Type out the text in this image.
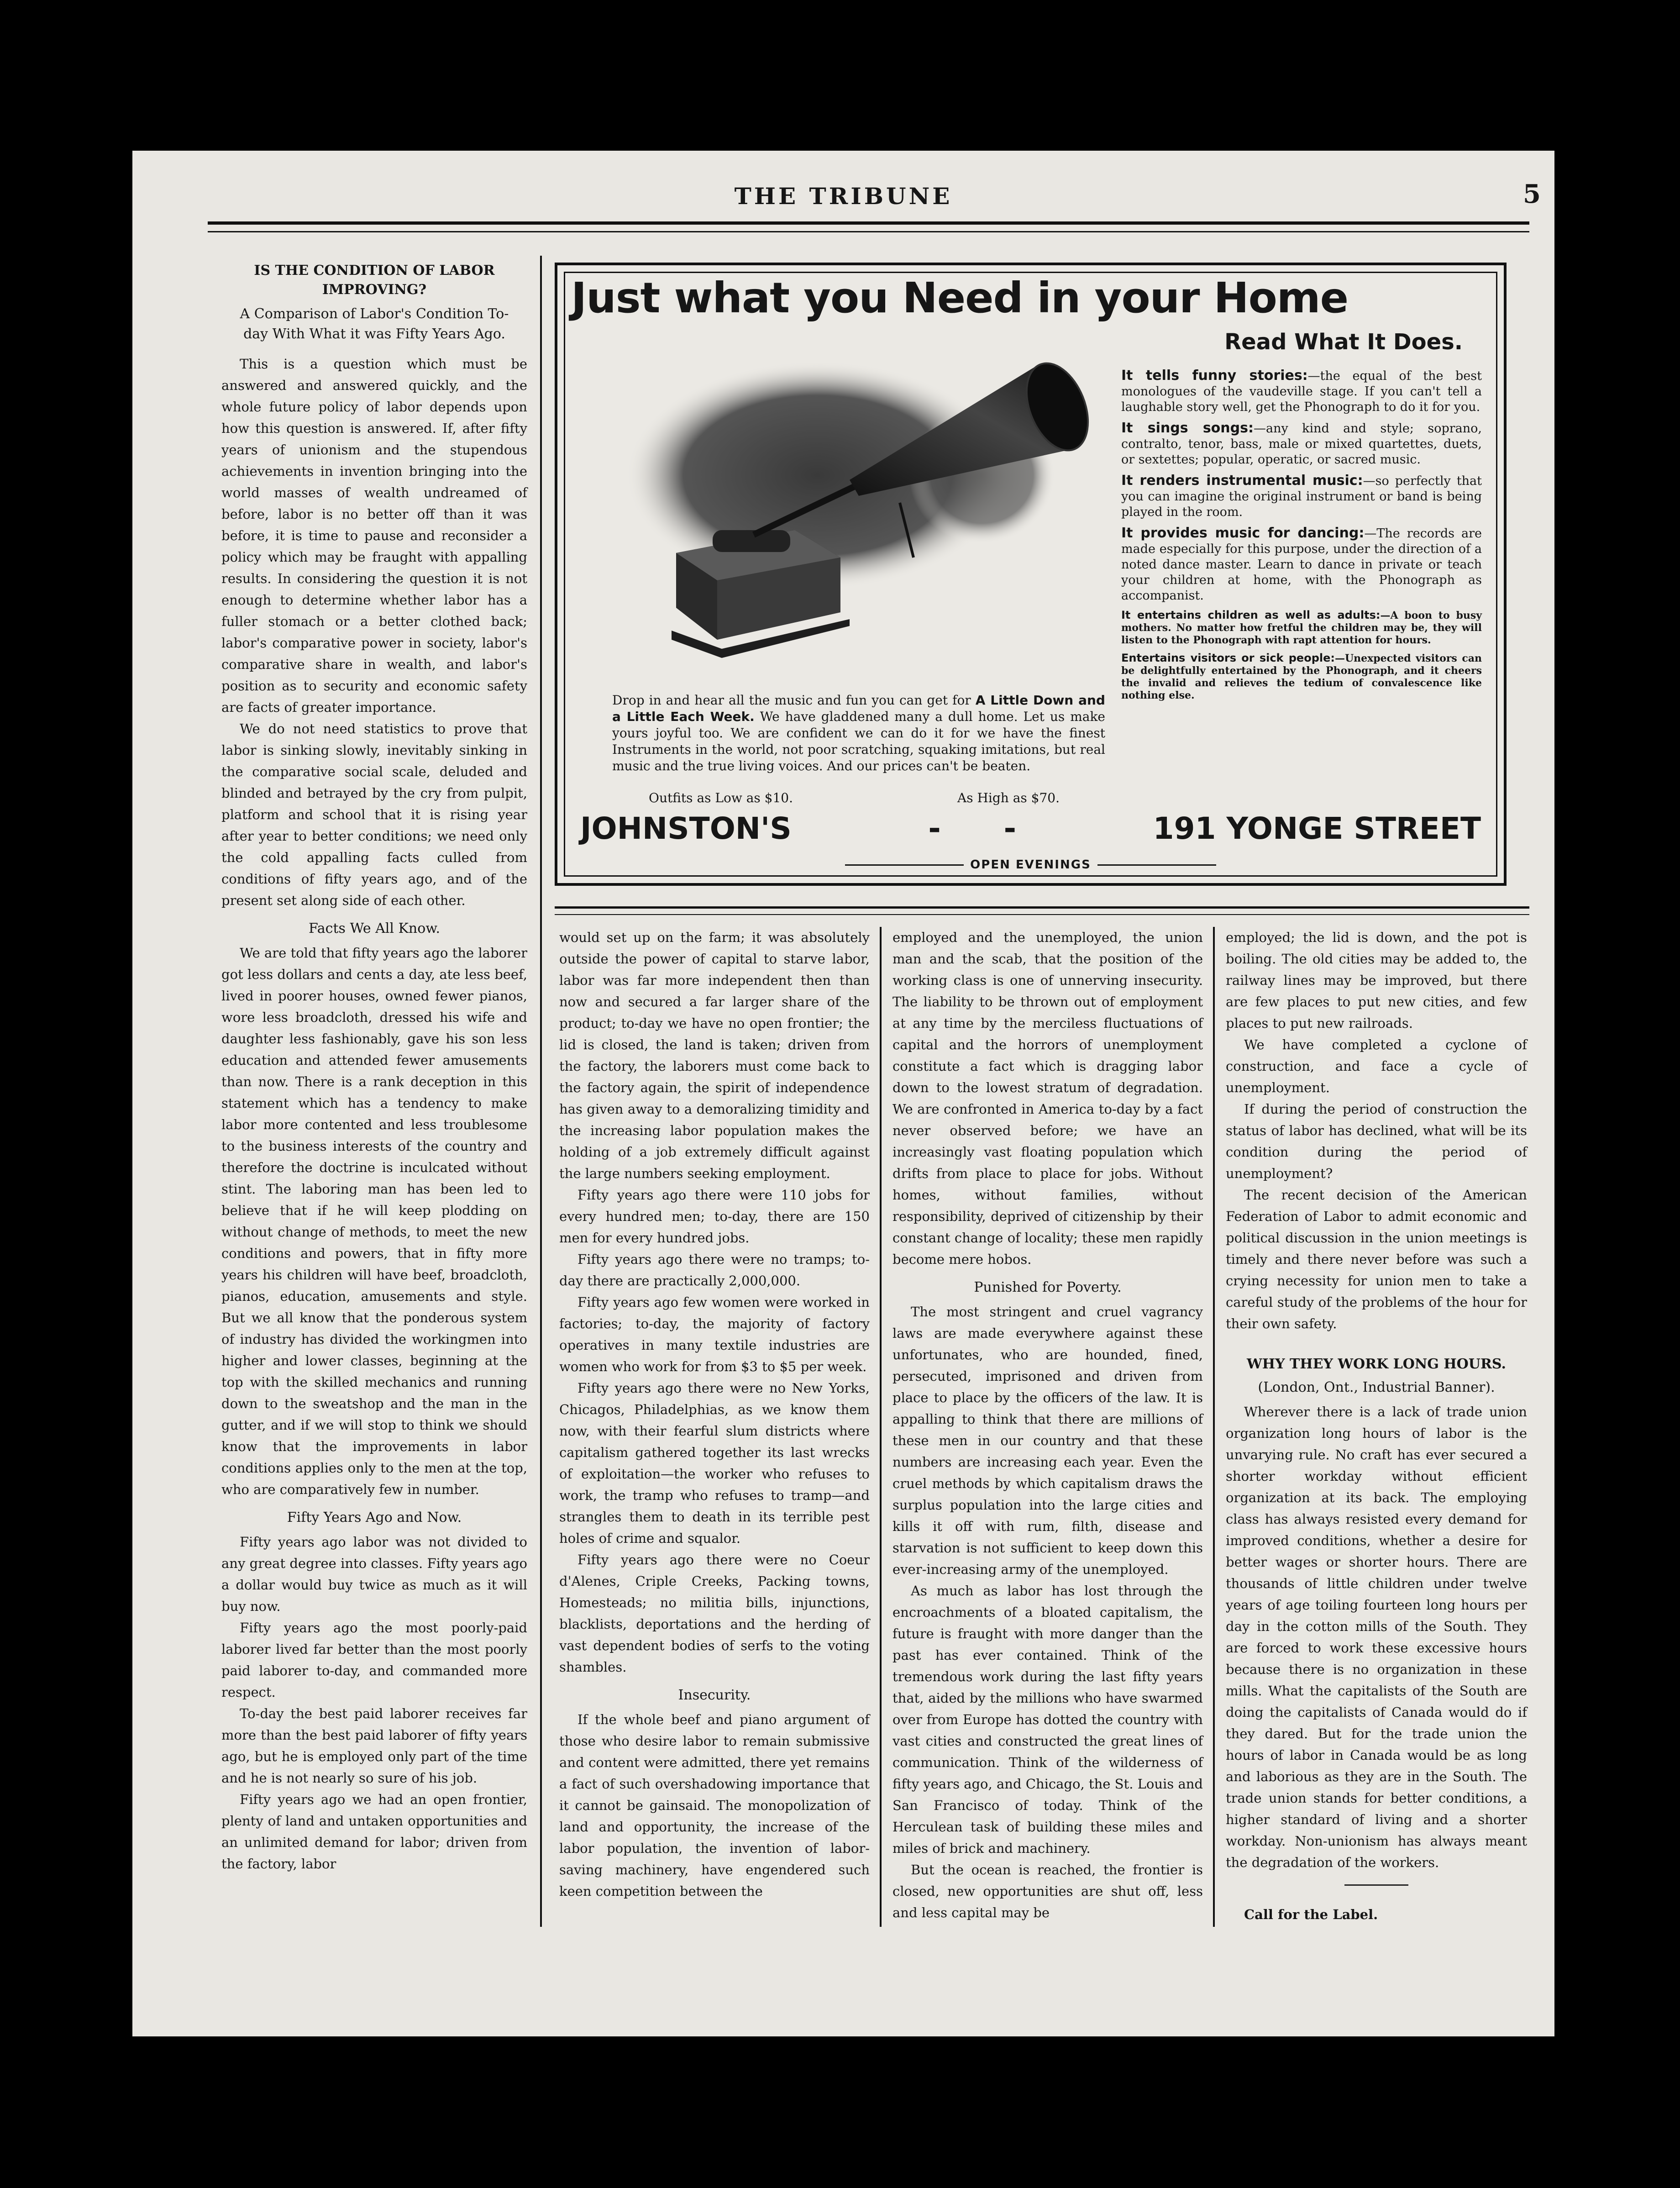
THE TRIBUNE	5
IS THE CONDITION OF LABOR IMPROVING?
A Comparison of Labor's Condition To-day With What it was Fifty Years Ago.

This is a question which must be answered and answered quickly, and the whole future policy of labor depends upon how this question is answered. If, after fifty years of unionism and the stupendous achievements in invention bringing into the world masses of wealth undreamed of before, labor is no better off than it was before, it is time to pause and reconsider a policy which may be fraught with appalling results. In considering the question it is not enough to determine whether labor has a fuller stomach or a better clothed back; labor's comparative power in society, labor's comparative share in wealth, and labor's position as to security and economic safety are facts of greater importance.

We do not need statistics to prove that labor is sinking slowly, inevitably sinking in the comparative social scale, deluded and blinded and betrayed by the cry from pulpit, platform and school that it is rising year after year to better conditions; we need only the cold appalling facts culled from conditions of fifty years ago, and of the present set along side of each other.

Facts We All Know.

We are told that fifty years ago the laborer got less dollars and cents a day, ate less beef, lived in poorer houses, owned fewer pianos, wore less broadcloth, dressed his wife and daughter less fashionably, gave his son less education and attended fewer amusements than now. There is a rank deception in this statement which has a tendency to make labor more contented and less troublesome to the business interests of the country and therefore the doctrine is inculcated without stint. The laboring man has been led to believe that if he will keep plodding on without change of methods, to meet the new conditions and powers, that in fifty more years his children will have beef, broadcloth, pianos, education, amusements and style. But we all know that the ponderous system of industry has divided the workingmen into higher and lower classes, beginning at the top with the skilled mechanics and running down to the sweatshop and the man in the gutter, and if we will stop to think we should know that the improvements in labor conditions applies only to the men at the top, who are comparatively few in number.

Fifty Years Ago and Now.

Fifty years ago labor was not divided to any great degree into classes. Fifty years ago a dollar would buy twice as much as it will buy now.

Fifty years ago the most poorly-paid laborer lived far better than the most poorly paid laborer to-day, and commanded more respect.

To-day the best paid laborer receives far more than the best paid laborer of fifty years ago, but he is employed only part of the time and he is not nearly so sure of his job.

Fifty years ago we had an open frontier, plenty of land and untaken opportunities and an unlimited demand for labor; driven from the factory, labor

Just what you Need in your Home
Read What It Does.
It tells funny stories:—the equal of the best monologues of the vaudeville stage. If you can't tell a laughable story well, get the Phonograph to do it for you.
It sings songs:—any kind and style; soprano, contralto, tenor, bass, male or mixed quartettes, duets, or sextettes; popular, operatic, or sacred music.
It renders instrumental music:—so perfectly that you can imagine the original instrument or band is being played in the room.
It provides music for dancing:—The records are made especially for this purpose, under the direction of a noted dance master. Learn to dance in private or teach your children at home, with the Phonograph as accompanist.
It entertains children as well as adults:—A boon to busy mothers. No matter how fretful the children may be, they will listen to the Phonograph with rapt attention for hours.
Entertains visitors or sick people:—Unexpected visitors can be delightfully entertained by the Phonograph, and it cheers the invalid and relieves the tedium of convalescence like nothing else.
Drop in and hear all the music and fun you can get for A Little Down and a Little Each Week. We have gladdened many a dull home. Let us make yours joyful too. We are confident we can do it for we have the finest Instruments in the world, not poor scratching, squaking imitations, but real music and the true living voices. And our prices can't be beaten.
Outfits as Low as $10.	As High as $70.
JOHNSTON'S	-      -	191 YONGE STREET
OPEN EVENINGS

would set up on the farm; it was absolutely outside the power of capital to starve labor, labor was far more independent then than now and secured a far larger share of the product; to-day we have no open frontier; the lid is closed, the land is taken; driven from the factory, the laborers must come back to the factory again, the spirit of independence has given away to a demoralizing timidity and the increasing labor population makes the holding of a job extremely difficult against the large numbers seeking employment.

Fifty years ago there were 110 jobs for every hundred men; to-day, there are 150 men for every hundred jobs.

Fifty years ago there were no tramps; to-day there are practically 2,000,000.

Fifty years ago few women were worked in factories; to-day, the majority of factory operatives in many textile industries are women who work for from $3 to $5 per week.

Fifty years ago there were no New Yorks, Chicagos, Philadelphias, as we know them now, with their fearful slum districts where capitalism gathered together its last wrecks of exploitation—the worker who refuses to work, the tramp who refuses to tramp—and strangles them to death in its terrible pest holes of crime and squalor.

Fifty years ago there were no Coeur d'Alenes, Criple Creeks, Packing towns, Homesteads; no militia bills, injunctions, blacklists, deportations and the herding of vast dependent bodies of serfs to the voting shambles.

Insecurity.

If the whole beef and piano argument of those who desire labor to remain submissive and content were admitted, there yet remains a fact of such overshadowing importance that it cannot be gainsaid. The monopolization of land and opportunity, the increase of the labor population, the invention of labor-saving machinery, have engendered such keen competition between the

employed and the unemployed, the union man and the scab, that the position of the working class is one of unnerving insecurity. The liability to be thrown out of employment at any time by the merciless fluctuations of capital and the horrors of unemployment constitute a fact which is dragging labor down to the lowest stratum of degradation. We are confronted in America to-day by a fact never observed before; we have an increasingly vast floating population which drifts from place to place for jobs. Without homes, without families, without responsibility, deprived of citizenship by their constant change of locality; these men rapidly become mere hobos.

Punished for Poverty.

The most stringent and cruel vagrancy laws are made everywhere against these unfortunates, who are hounded, fined, persecuted, imprisoned and driven from place to place by the officers of the law. It is appalling to think that there are millions of these men in our country and that these numbers are increasing each year. Even the cruel methods by which capitalism draws the surplus population into the large cities and kills it off with rum, filth, disease and starvation is not sufficient to keep down this ever-increasing army of the unemployed.

As much as labor has lost through the encroachments of a bloated capitalism, the future is fraught with more danger than the past has ever contained. Think of the tremendous work during the last fifty years that, aided by the millions who have swarmed over from Europe has dotted the country with vast cities and constructed the great lines of communication. Think of the wilderness of fifty years ago, and Chicago, the St. Louis and San Francisco of today. Think of the Herculean task of building these miles and miles of brick and machinery.

But the ocean is reached, the frontier is closed, new opportunities are shut off, less and less capital may be

employed; the lid is down, and the pot is boiling. The old cities may be added to, the railway lines may be improved, but there are few places to put new cities, and few places to put new railroads.

We have completed a cyclone of construction, and face a cycle of unemployment.

If during the period of construction the status of labor has declined, what will be its condition during the period of unemployment?

The recent decision of the American Federation of Labor to admit economic and political discussion in the union meetings is timely and there never before was such a crying necessity for union men to take a careful study of the problems of the hour for their own safety.

WHY THEY WORK LONG HOURS.
(London, Ont., Industrial Banner).

Wherever there is a lack of trade union organization long hours of labor is the unvarying rule. No craft has ever secured a shorter workday without efficient organization at its back. The employing class has always resisted every demand for improved conditions, whether a desire for better wages or shorter hours. There are thousands of little children under twelve years of age toiling fourteen long hours per day in the cotton mills of the South. They are forced to work these excessive hours because there is no organization in these mills. What the capitalists of the South are doing the capitalists of Canada would do if they dared. But for the trade union the hours of labor in Canada would be as long and laborious as they are in the South. The trade union stands for better conditions, a higher standard of living and a shorter workday. Non-unionism has always meant the degradation of the workers.

Call for the Label.
